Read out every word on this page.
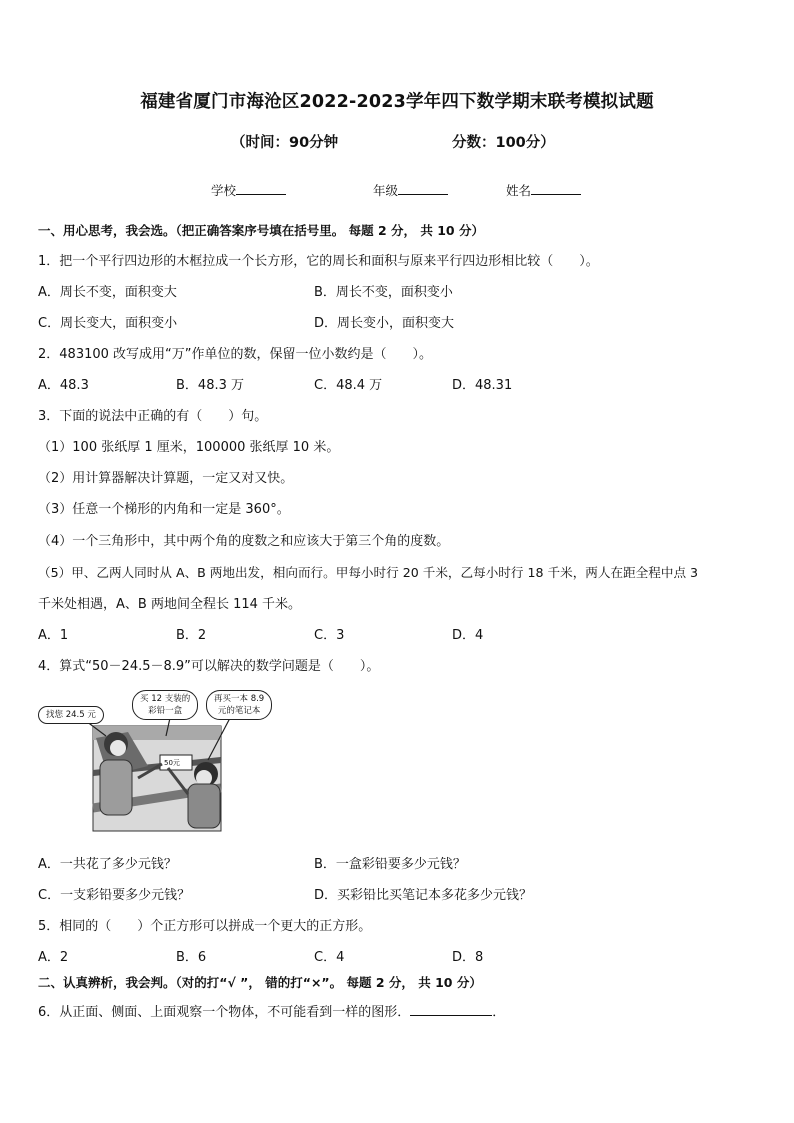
福建省厦门市海沧区2022-2023学年四下数学期末联考模拟试题
（时间：90分钟	分数：100分）
学校	年级	姓名
一、用心思考，我会选。（把正确答案序号填在括号里。 每题 2 分， 共 10 分）
1．把一个平行四边形的木框拉成一个长方形，它的周长和面积与原来平行四边形相比较（　　）。
A．周长不变，面积变大	B．周长不变，面积变小
C．周长变大，面积变小	D．周长变小，面积变大
2．483100 改写成用“万”作单位的数，保留一位小数约是（　　）。
A．48.3	B．48.3 万	C．48.4 万	D．48.31
3．下面的说法中正确的有（　　）句。
（1）100 张纸厚 1 厘米，100000 张纸厚 10 米。
（2）用计算器解决计算题，一定又对又快。
（3）任意一个梯形的内角和一定是 360°。
（4）一个三角形中，其中两个角的度数之和应该大于第三个角的度数。
（5）甲、乙两人同时从 A、B 两地出发，相向而行。甲每小时行 20 千米，乙每小时行 18 千米，两人在距全程中点 3
千米处相遇，A、B 两地间全程长 114 千米。
A．1	B．2	C．3	D．4
4．算式“50－24.5－8.9”可以解决的数学问题是（　　）。
50元
找您 24.5 元
买 12 支装的
彩铅一盒
再买一本 8.9
元的笔记本
A．一共花了多少元钱？	B．一盒彩铅要多少元钱？
C．一支彩铅要多少元钱？	D．买彩铅比买笔记本多花多少元钱？
5．相同的（　　）个正方形可以拼成一个更大的正方形。
A．2	B．6	C．4	D．8
二、认真辨析，我会判。（对的打“√ ”， 错的打“×”。 每题 2 分， 共 10 分）
6．从正面、侧面、上面观察一个物体，不可能看到一样的图形．	．
